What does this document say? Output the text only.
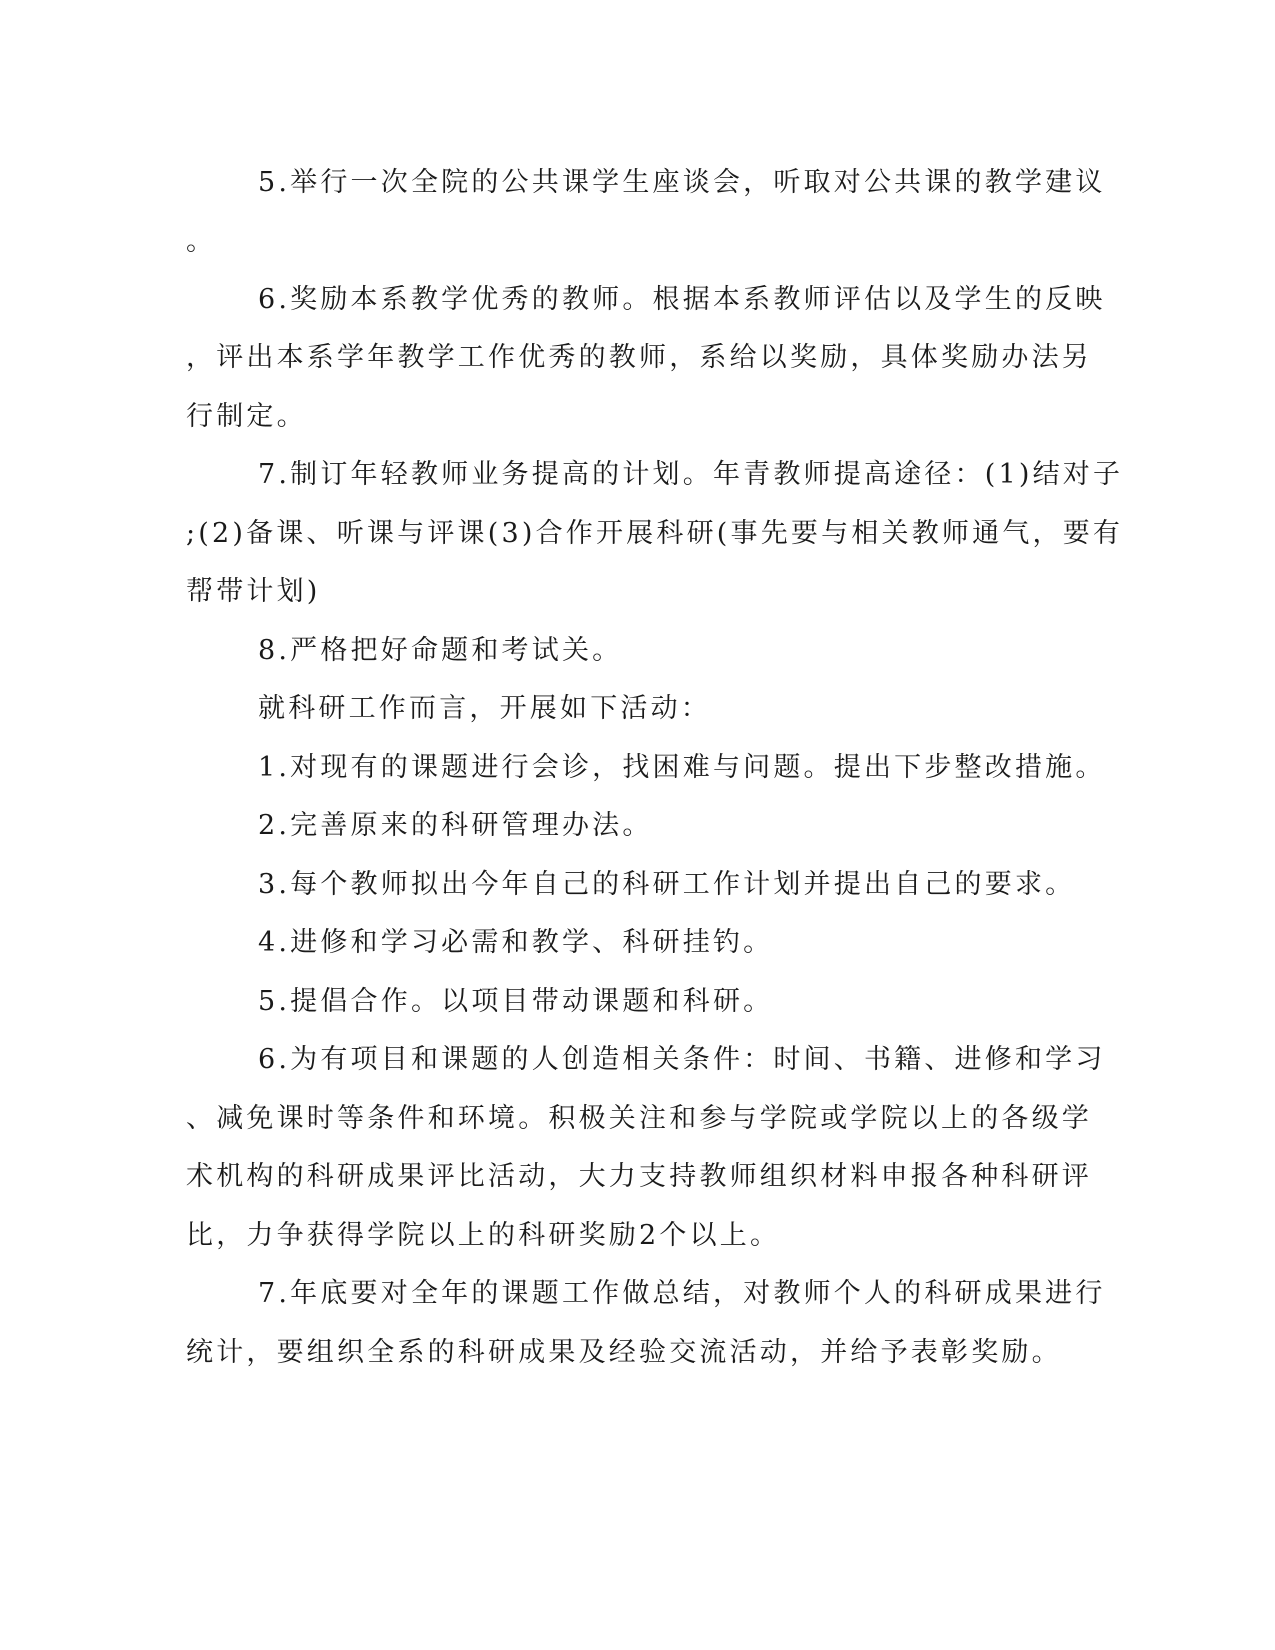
5.举行一次全院的公共课学生座谈会，听取对公共课的教学建议
。
6.奖励本系教学优秀的教师。根据本系教师评估以及学生的反映
，评出本系学年教学工作优秀的教师，系给以奖励，具体奖励办法另
行制定。
7.制订年轻教师业务提高的计划。年青教师提高途径：(1)结对子
;(2)备课、听课与评课(3)合作开展科研(事先要与相关教师通气，要有
帮带计划)
8.严格把好命题和考试关。
就科研工作而言，开展如下活动：
1.对现有的课题进行会诊，找困难与问题。提出下步整改措施。
2.完善原来的科研管理办法。
3.每个教师拟出今年自己的科研工作计划并提出自己的要求。
4.进修和学习必需和教学、科研挂钓。
5.提倡合作。以项目带动课题和科研。
6.为有项目和课题的人创造相关条件：时间、书籍、进修和学习
、减免课时等条件和环境。积极关注和参与学院或学院以上的各级学
术机构的科研成果评比活动，大力支持教师组织材料申报各种科研评
比，力争获得学院以上的科研奖励2个以上。
7.年底要对全年的课题工作做总结，对教师个人的科研成果进行
统计，要组织全系的科研成果及经验交流活动，并给予表彰奖励。
